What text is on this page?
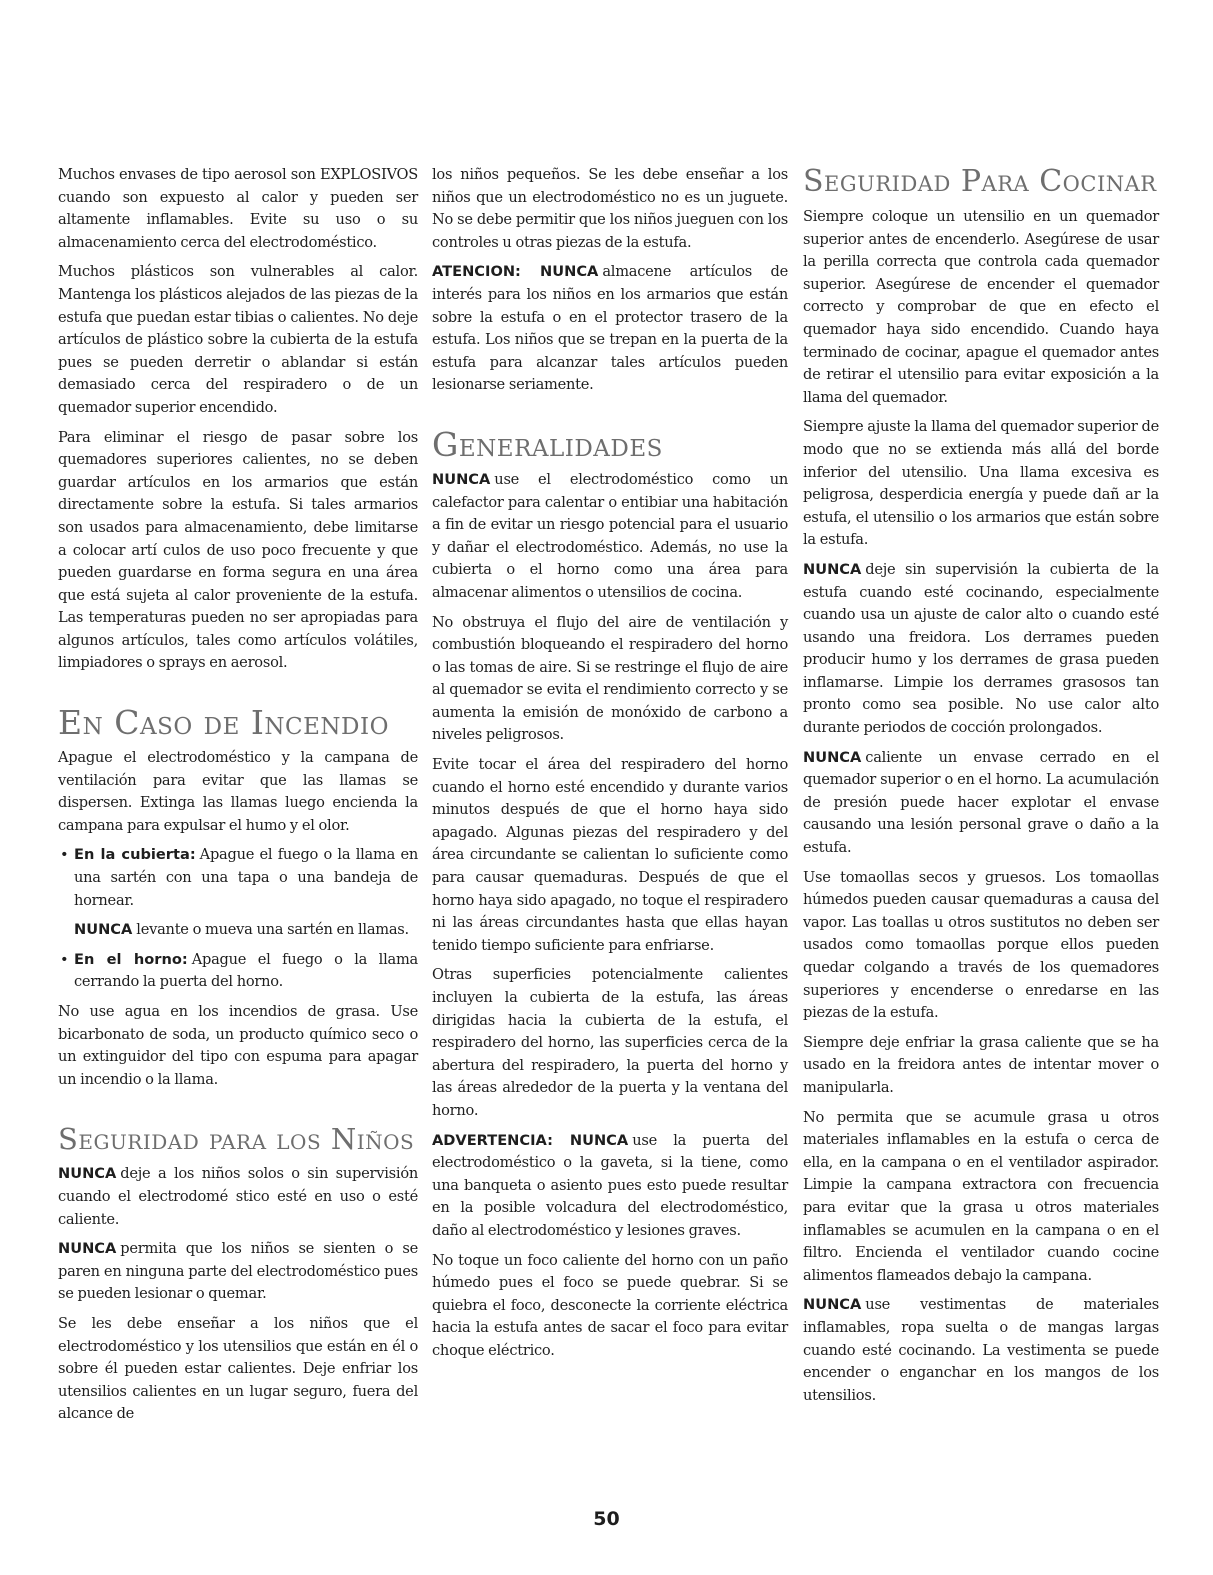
Muchos envases de tipo aerosol son EXPLOSIVOS cuando son expuesto al calor y pueden ser altamente inflamables. Evite su uso o su almacenamiento cerca del electrodoméstico.

Muchos plásticos son vulnerables al calor. Mantenga los plásticos alejados de las piezas de la estufa que puedan estar tibias o calientes. No deje artículos de plástico sobre la cubierta de la estufa pues se pueden derretir o ablandar si están demasiado cerca del respiradero o de un quemador superior encendido.

Para eliminar el riesgo de pasar sobre los quemadores superiores calientes, no se deben guardar artículos en los armarios que están directamente sobre la estufa. Si tales armarios son usados para almacenamiento, debe limitarse a colocar artí culos de uso poco frecuente y que pueden guardarse en forma segura en una área que está sujeta al calor proveniente de la estufa. Las temperaturas pueden no ser apropiadas para algunos artículos, tales como artículos volátiles, limpiadores o sprays en aerosol.

En Caso de Incendio

Apague el electrodoméstico y la campana de ventilación para evitar que las llamas se dispersen. Extinga las llamas luego encienda la campana para expulsar el humo y el olor.

• En la cubierta: Apague el fuego o la llama en una sartén con una tapa o una bandeja de hornear.
NUNCA levante o mueva una sartén en llamas.
• En el horno: Apague el fuego o la llama cerrando la puerta del horno.

No use agua en los incendios de grasa. Use bicarbonato de soda, un producto químico seco o un extinguidor del tipo con espuma para apagar un incendio o la llama.

Seguridad para los Niños

NUNCA deje a los niños solos o sin supervisión cuando el electrodomé stico esté en uso o esté caliente.

NUNCA permita que los niños se sienten o se paren en ninguna parte del electrodoméstico pues se pueden lesionar o quemar.

Se les debe enseñar a los niños que el electrodoméstico y los utensilios que están en él o sobre él pueden estar calientes. Deje enfriar los utensilios calientes en un lugar seguro, fuera del alcance de

los niños pequeños. Se les debe enseñar a los niños que un electrodoméstico no es un juguete. No se debe permitir que los niños jueguen con los controles u otras piezas de la estufa.

ATENCION: NUNCA almacene artículos de interés para los niños en los armarios que están sobre la estufa o en el protector trasero de la estufa. Los niños que se trepan en la puerta de la estufa para alcanzar tales artículos pueden lesionarse seriamente.

Generalidades

NUNCA use el electrodoméstico como un calefactor para calentar o entibiar una habitación a fin de evitar un riesgo potencial para el usuario y dañar el electrodoméstico. Además, no use la cubierta o el horno como una área para almacenar alimentos o utensilios de cocina.

No obstruya el flujo del aire de ventilación y combustión bloqueando el respiradero del horno o las tomas de aire. Si se restringe el flujo de aire al quemador se evita el rendimiento correcto y se aumenta la emisión de monóxido de carbono a niveles peligrosos.

Evite tocar el área del respiradero del horno cuando el horno esté encendido y durante varios minutos después de que el horno haya sido apagado. Algunas piezas del respiradero y del área circundante se calientan lo suficiente como para causar quemaduras. Después de que el horno haya sido apagado, no toque el respiradero ni las áreas circundantes hasta que ellas hayan tenido tiempo suficiente para enfriarse.

Otras superficies potencialmente calientes incluyen la cubierta de la estufa, las áreas dirigidas hacia la cubierta de la estufa, el respiradero del horno, las superficies cerca de la abertura del respiradero, la puerta del horno y las áreas alrededor de la puerta y la ventana del horno.

ADVERTENCIA: NUNCA use la puerta del electrodoméstico o la gaveta, si la tiene, como una banqueta o asiento pues esto puede resultar en la posible volcadura del electrodoméstico, daño al electrodoméstico y lesiones graves.

No toque un foco caliente del horno con un paño húmedo pues el foco se puede quebrar. Si se quiebra el foco, desconecte la corriente eléctrica hacia la estufa antes de sacar el foco para evitar choque eléctrico.

Seguridad Para Cocinar

Siempre coloque un utensilio en un quemador superior antes de encenderlo. Asegúrese de usar la perilla correcta que controla cada quemador superior. Asegúrese de encender el quemador correcto y comprobar de que en efecto el quemador haya sido encendido. Cuando haya terminado de cocinar, apague el quemador antes de retirar el utensilio para evitar exposición a la llama del quemador.

Siempre ajuste la llama del quemador superior de modo que no se extienda más allá del borde inferior del utensilio. Una llama excesiva es peligrosa, desperdicia energía y puede dañ ar la estufa, el utensilio o los armarios que están sobre la estufa.

NUNCA deje sin supervisión la cubierta de la estufa cuando esté cocinando, especialmente cuando usa un ajuste de calor alto o cuando esté usando una freidora. Los derrames pueden producir humo y los derrames de grasa pueden inflamarse. Limpie los derrames grasosos tan pronto como sea posible. No use calor alto durante periodos de cocción prolongados.

NUNCA caliente un envase cerrado en el quemador superior o en el horno. La acumulación de presión puede hacer explotar el envase causando una lesión personal grave o daño a la estufa.

Use tomaollas secos y gruesos. Los tomaollas húmedos pueden causar quemaduras a causa del vapor. Las toallas u otros sustitutos no deben ser usados como tomaollas porque ellos pueden quedar colgando a través de los quemadores superiores y encenderse o enredarse en las piezas de la estufa.

Siempre deje enfriar la grasa caliente que se ha usado en la freidora antes de intentar mover o manipularla.

No permita que se acumule grasa u otros materiales inflamables en la estufa o cerca de ella, en la campana o en el ventilador aspirador. Limpie la campana extractora con frecuencia para evitar que la grasa u otros materiales inflamables se acumulen en la campana o en el filtro. Encienda el ventilador cuando cocine alimentos flameados debajo la campana.

NUNCA use vestimentas de materiales inflamables, ropa suelta o de mangas largas cuando esté cocinando. La vestimenta se puede encender o enganchar en los mangos de los utensilios.

50
